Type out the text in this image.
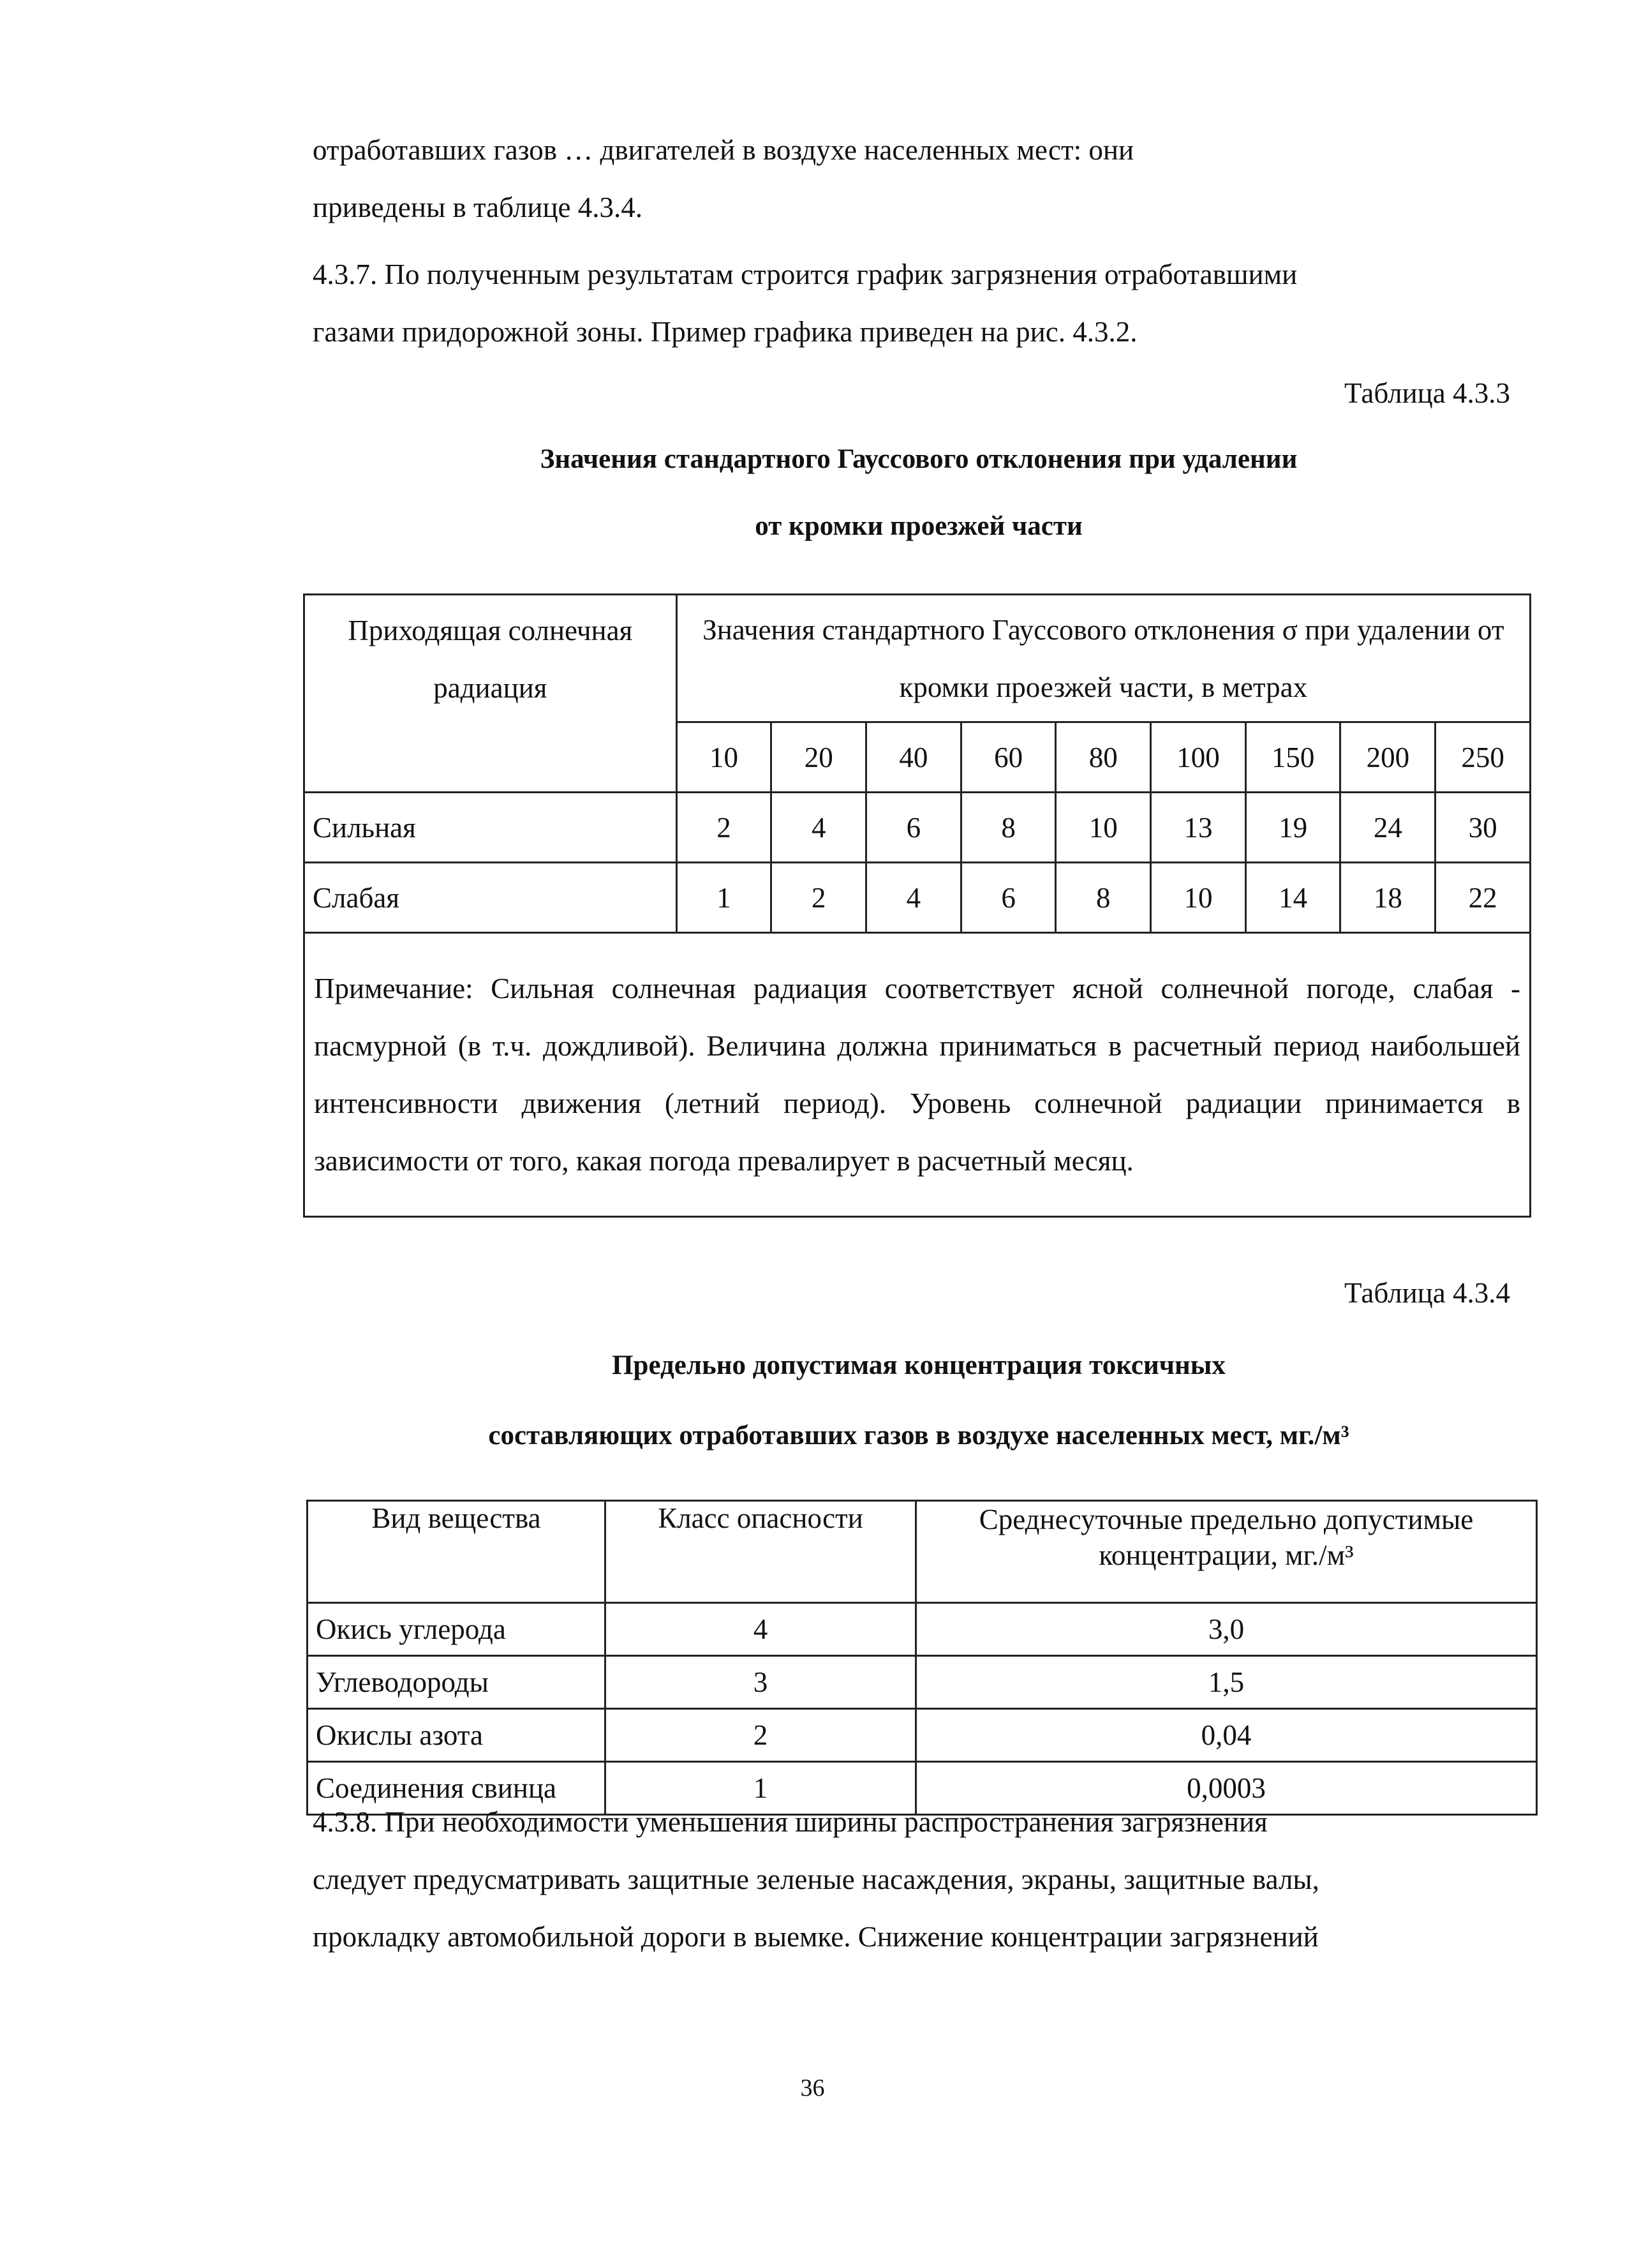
отработавших газов … двигателей в воздухе населенных мест: они
приведены в таблице 4.3.4.
4.3.7. По полученным результатам строится график загрязнения отработавшими
газами придорожной зоны. Пример графика приведен на рис. 4.3.2.
Таблица 4.3.3
Значения стандартного Гауссового отклонения при удалении
от кромки проезжей части
Приходящая солнечная радиация	Значения стандартного Гауссового отклонения σ при удалении от кромки проезжей части, в метрах								
	10	20	40	60	80	100	150	200	250
Сильная	2	4	6	8	10	13	19	24	30
Слабая	1	2	4	6	8	10	14	18	22
Примечание: Сильная солнечная радиация соответствует ясной солнечной погоде, слабая - пасмурной (в т.ч. дождливой). Величина должна приниматься в расчетный период наибольшей интенсивности движения (летний период). Уровень солнечной радиации принимается в зависимости от того, какая погода превалирует в расчетный месяц.									
Таблица 4.3.4
Предельно допустимая концентрация токсичных
составляющих отработавших газов в воздухе населенных мест, мг./м³
Вид вещества	Класс опасности	Среднесуточные предельно допустимые концентрации, мг./м³
Окись углерода	4	3,0
Углеводороды	3	1,5
Окислы азота	2	0,04
Соединения свинца	1	0,0003
4.3.8. При необходимости уменьшения ширины распространения загрязнения
следует предусматривать защитные зеленые насаждения, экраны, защитные валы,
прокладку автомобильной дороги в выемке. Снижение концентрации загрязнений
36
